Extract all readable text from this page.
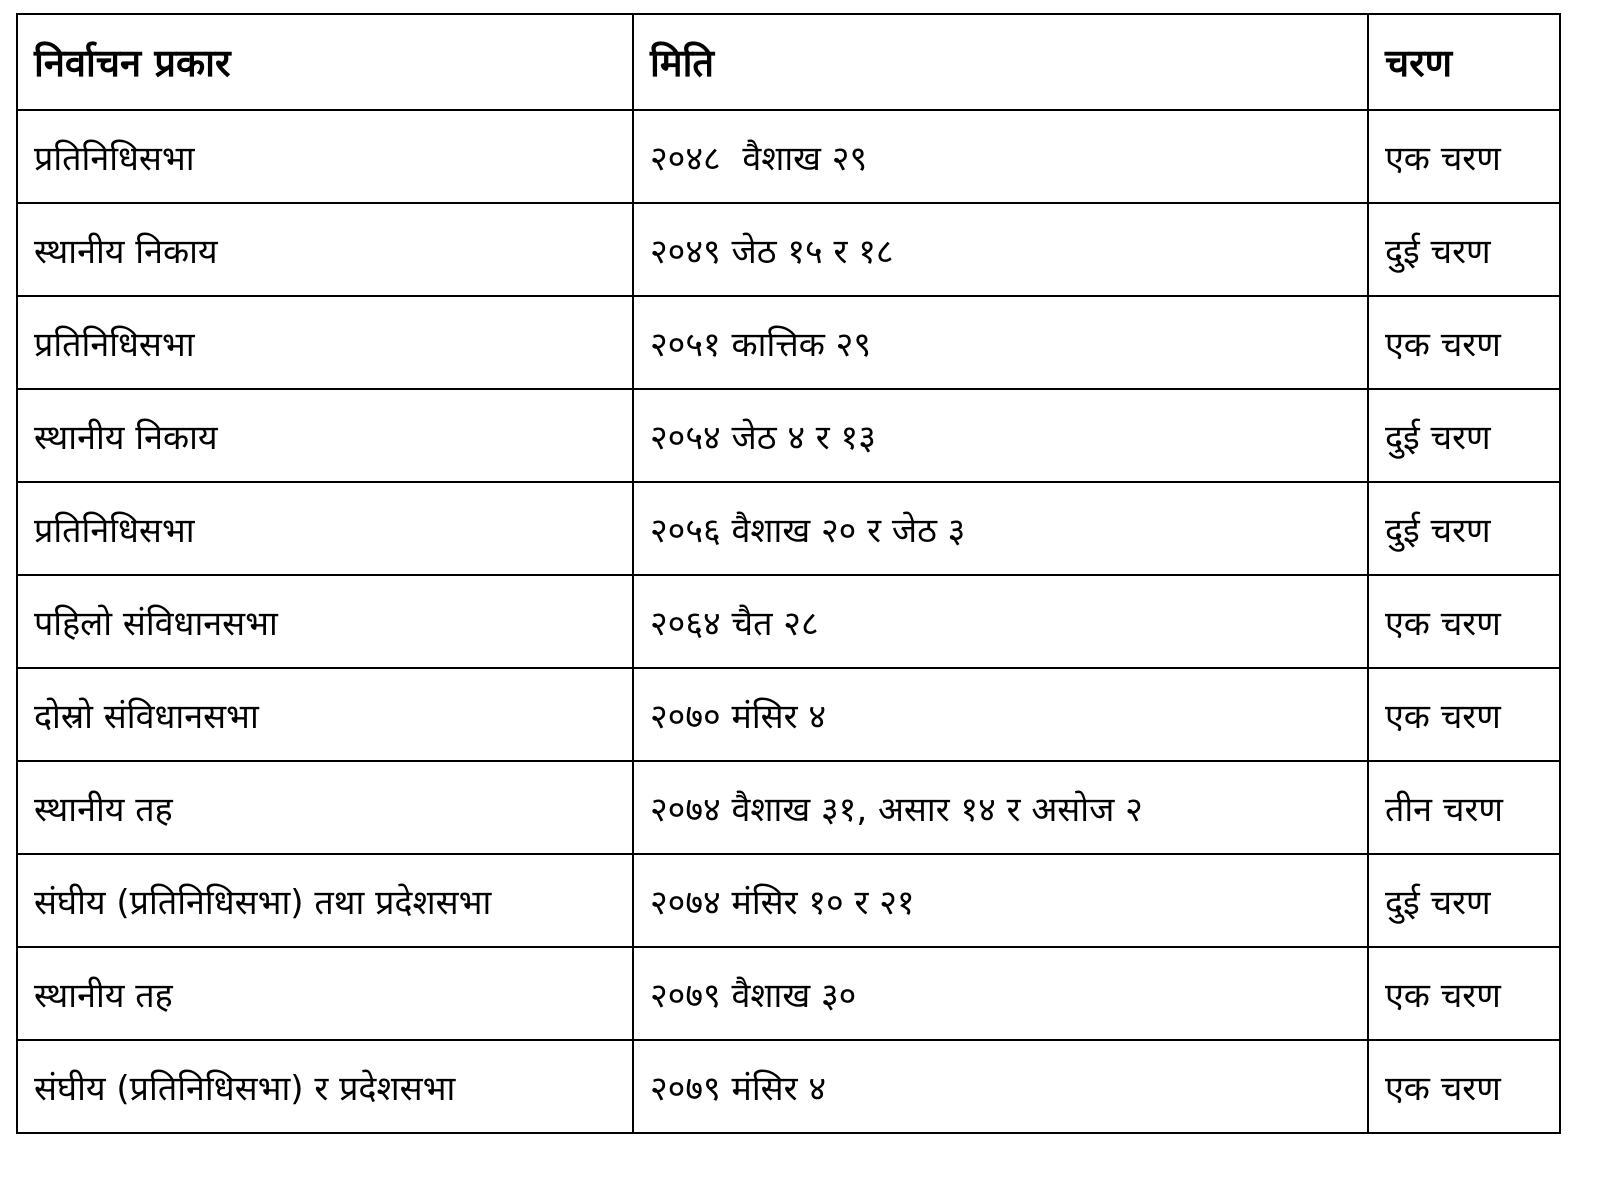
निर्वाचन प्रकार	मिति	चरण
प्रतिनिधिसभा	२०४८  वैशाख २९	एक चरण
स्थानीय निकाय	२०४९ जेठ १५ र १८	दुई चरण
प्रतिनिधिसभा	२०५१ कात्तिक २९	एक चरण
स्थानीय निकाय	२०५४ जेठ ४ र १३	दुई चरण
प्रतिनिधिसभा	२०५६ वैशाख २० र जेठ ३	दुई चरण
पहिलो संविधानसभा	२०६४ चैत २८	एक चरण
दोस्रो संविधानसभा	२०७० मंसिर ४	एक चरण
स्थानीय तह	२०७४ वैशाख ३१, असार १४ र असोज २	तीन चरण
संघीय (प्रतिनिधिसभा) तथा प्रदेशसभा	२०७४ मंसिर १० र २१	दुई चरण
स्थानीय तह	२०७९ वैशाख ३०	एक चरण
संघीय (प्रतिनिधिसभा) र प्रदेशसभा	२०७९ मंसिर ४	एक चरण
